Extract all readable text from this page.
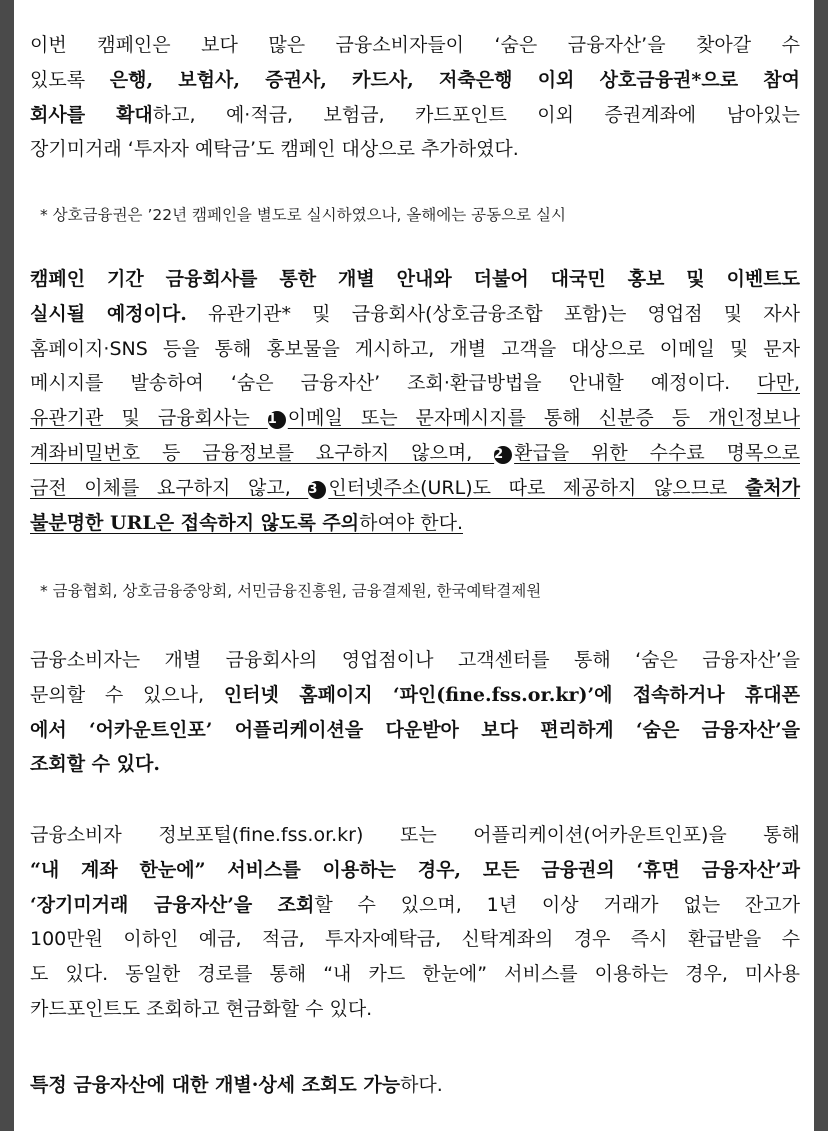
이번 캠페인은 보다 많은 금융소비자들이 ‘숨은 금융자산’을 찾아갈 수
있도록 은행, 보험사, 증권사, 카드사, 저축은행 이외 상호금융권*으로 참여
회사를 확대하고, 예·적금, 보험금, 카드포인트 이외 증권계좌에 남아있는
장기미거래 ‘투자자 예탁금’도 캠페인 대상으로 추가하였다.
* 상호금융권은 ’22년 캠페인을 별도로 실시하였으나, 올해에는 공동으로 실시
캠페인 기간 금융회사를 통한 개별 안내와 더불어 대국민 홍보 및 이벤트도
실시될 예정이다. 유관기관* 및 금융회사(상호금융조합 포함)는 영업점 및 자사
홈페이지·SNS 등을 통해 홍보물을 게시하고, 개별 고객을 대상으로 이메일 및 문자
메시지를 발송하여 ‘숨은 금융자산’ 조회·환급방법을 안내할 예정이다. 다만,
유관기관 및 금융회사는 1 이메일 또는 문자메시지를 통해 신분증 등 개인정보나
계좌비밀번호 등 금융정보를 요구하지 않으며, 2 환급을 위한 수수료 명목으로
금전 이체를 요구하지 않고, 3 인터넷주소(URL)도 따로 제공하지 않으므로 출처가
불분명한 URL은 접속하지 않도록 주의하여야 한다.
* 금융협회, 상호금융중앙회, 서민금융진흥원, 금융결제원, 한국예탁결제원
금융소비자는 개별 금융회사의 영업점이나 고객센터를 통해 ‘숨은 금융자산’을
문의할 수 있으나, 인터넷 홈페이지 ‘파인(fine.fss.or.kr)’에 접속하거나 휴대폰
에서 ‘어카운트인포’ 어플리케이션을 다운받아 보다 편리하게 ‘숨은 금융자산’을
조회할 수 있다.
금융소비자 정보포털(fine.fss.or.kr) 또는 어플리케이션(어카운트인포)을 통해
“내 계좌 한눈에” 서비스를 이용하는 경우, 모든 금융권의 ‘휴면 금융자산’과
‘장기미거래 금융자산’을 조회할 수 있으며, 1년 이상 거래가 없는 잔고가
100만원 이하인 예금, 적금, 투자자예탁금, 신탁계좌의 경우 즉시 환급받을 수
도 있다. 동일한 경로를 통해 “내 카드 한눈에” 서비스를 이용하는 경우, 미사용
카드포인트도 조회하고 현금화할 수 있다.
특정 금융자산에 대한 개별·상세 조회도 가능하다.
